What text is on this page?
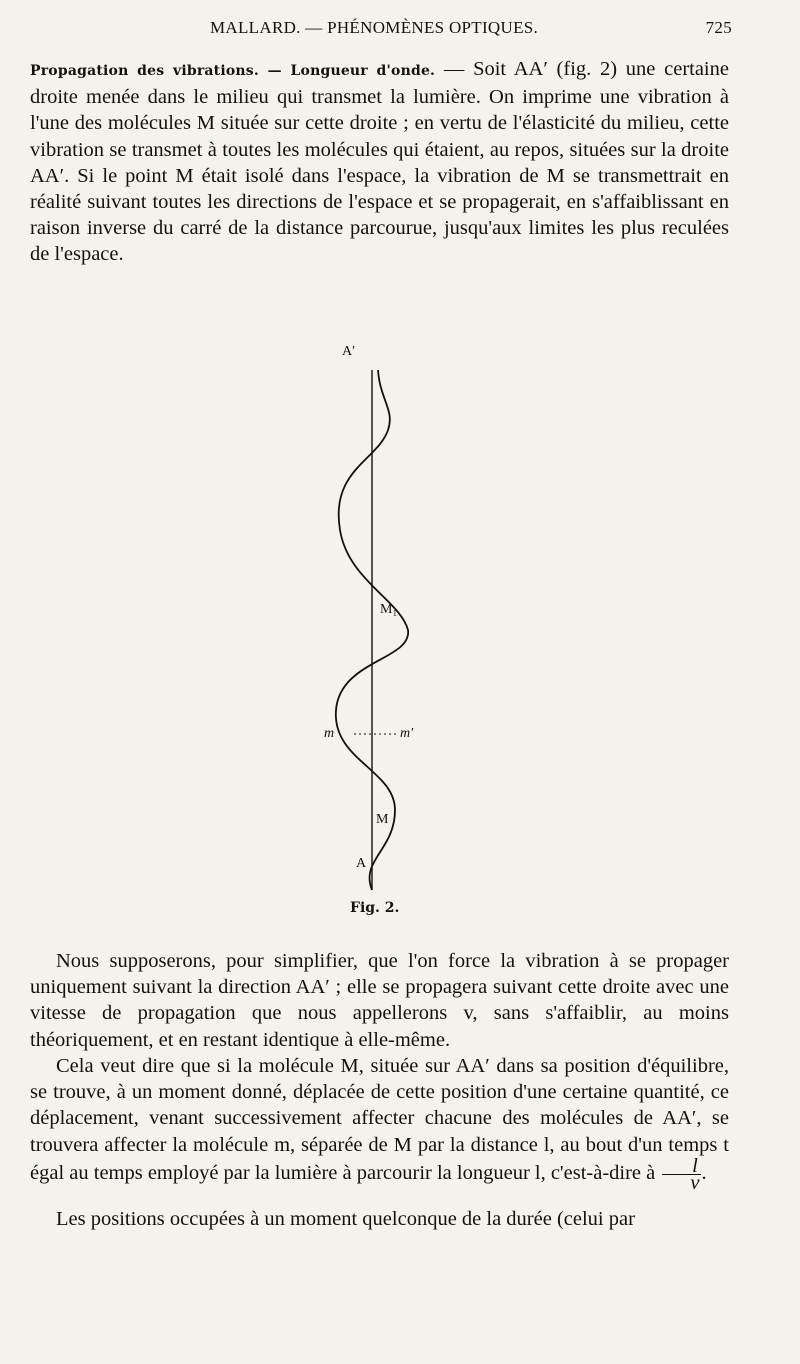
MALLARD. — PHÉNOMÈNES OPTIQUES.	725

Propagation des vibrations. — Longueur d'onde. — Soit AA′ (fig. 2) une certaine droite menée dans le milieu qui transmet la lumière. On imprime une vibration à l'une des molécules M située sur cette droite ; en vertu de l'élasticité du milieu, cette vibration se transmet à toutes les molécules qui étaient, au repos, situées sur la droite AA′. Si le point M était isolé dans l'espace, la vibration de M se transmettrait en réalité suivant toutes les directions de l'espace et se propagerait, en s'affaiblissant en raison inverse du carré de la distance parcourue, jusqu'aux limites les plus reculées de l'espace.

A′
M₁
m	m′
M
A
Fig. 2.

Nous supposerons, pour simplifier, que l'on force la vibration à se propager uniquement suivant la direction AA′ ; elle se propagera suivant cette droite avec une vitesse de propagation que nous appellerons v, sans s'affaiblir, au moins théoriquement, et en restant identique à elle-même.

Cela veut dire que si la molécule M, située sur AA′ dans sa position d'équilibre, se trouve, à un moment donné, déplacée de cette position d'une certaine quantité, ce déplacement, venant successivement affecter chacune des molécules de AA′, se trouvera affecter la molécule m, séparée de M par la distance l, au bout d'un temps t égal au temps employé par la lumière à parcourir la longueur l, c'est-à-dire à $\frac{l}{v}$ .

Les positions occupées à un moment quelconque de la durée (celui par
